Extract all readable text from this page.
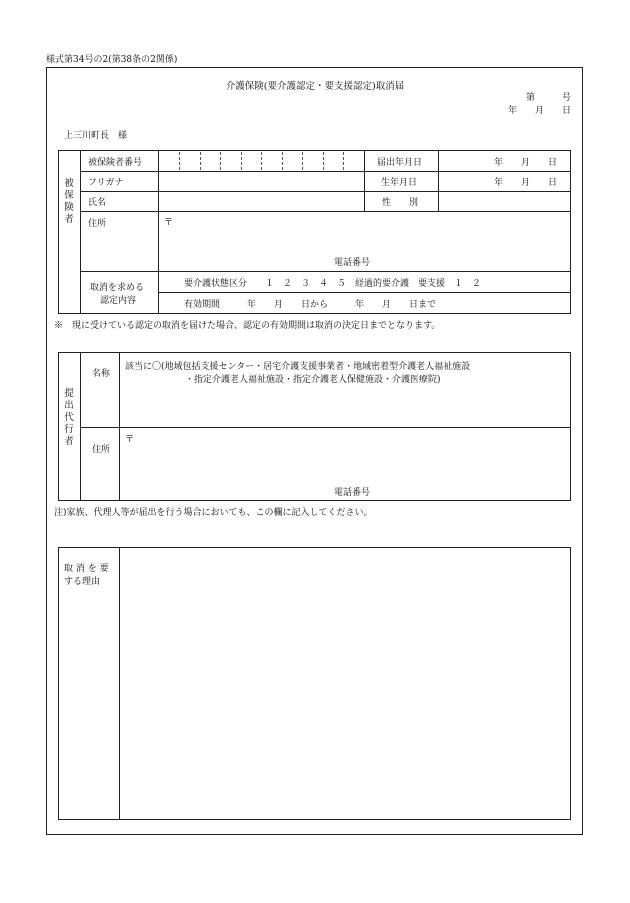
様式第34号の2(第38条の2関係)
介護保険(要介護認定・要支援認定)取消届
第　　　号
年　　月　　日
上三川町長　様
被保険者
被保険者番号	届出年月日	年　　月　　日
フリガナ	生年月日	年　　月　　日
氏名	性　　別
住所	〒
電話番号
取消を求める
認定内容
要介護状態区分　　１　２　３　４　５　経過的要介護　要支援　１　２
有効期間　　　年　　月　　日から　　　年　　月　　日まで
※　現に受けている認定の取消を届けた場合、認定の有効期間は取消の決定日までとなります。
提出代行者
名称
該当に〇(地域包括支援センター・居宅介護支援事業者・地域密着型介護老人福祉施設
・指定介護老人福祉施設・指定介護老人保健施設・介護医療院)
住所
〒
電話番号
注)家族、代理人等が届出を行う場合においても、この欄に記入してください。
取 消 を 要
する理由
